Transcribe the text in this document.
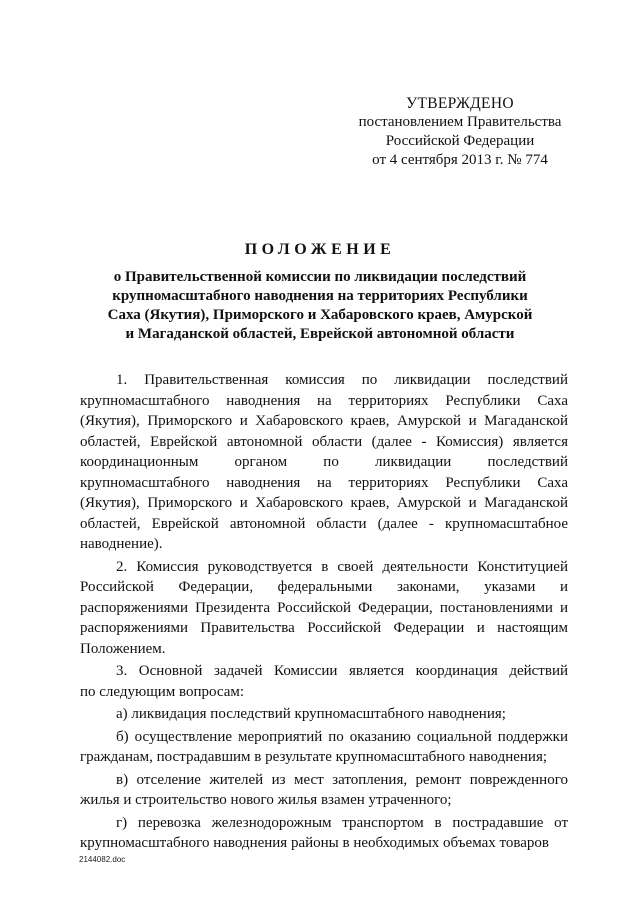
УТВЕРЖДЕНО
постановлением Правительства
Российской Федерации
от 4 сентября 2013 г. № 774
ПОЛОЖЕНИЕ
о Правительственной комиссии по ликвидации последствий
крупномасштабного наводнения на территориях Республики
Саха (Якутия), Приморского и Хабаровского краев, Амурской
и Магаданской областей, Еврейской автономной области
1. Правительственная комиссия по ликвидации последствий
крупномасштабного наводнения на территориях Республики Саха
(Якутия), Приморского и Хабаровского краев, Амурской и Магаданской
областей, Еврейской автономной области (далее - Комиссия) является
координационным органом по ликвидации последствий
крупномасштабного наводнения на территориях Республики Саха
(Якутия), Приморского и Хабаровского краев, Амурской и Магаданской
областей, Еврейской автономной области (далее - крупномасштабное
наводнение).
2. Комиссия руководствуется в своей деятельности Конституцией
Российской Федерации, федеральными законами, указами и
распоряжениями Президента Российской Федерации, постановлениями и
распоряжениями Правительства Российской Федерации и настоящим
Положением.
3. Основной задачей Комиссии является координация действий
по следующим вопросам:
а) ликвидация последствий крупномасштабного наводнения;
б) осуществление мероприятий по оказанию социальной поддержки
гражданам, пострадавшим в результате крупномасштабного наводнения;
в) отселение жителей из мест затопления, ремонт поврежденного
жилья и строительство нового жилья взамен утраченного;
г) перевозка железнодорожным транспортом в пострадавшие от
крупномасштабного наводнения районы в необходимых объемах товаров
2144082.doc
